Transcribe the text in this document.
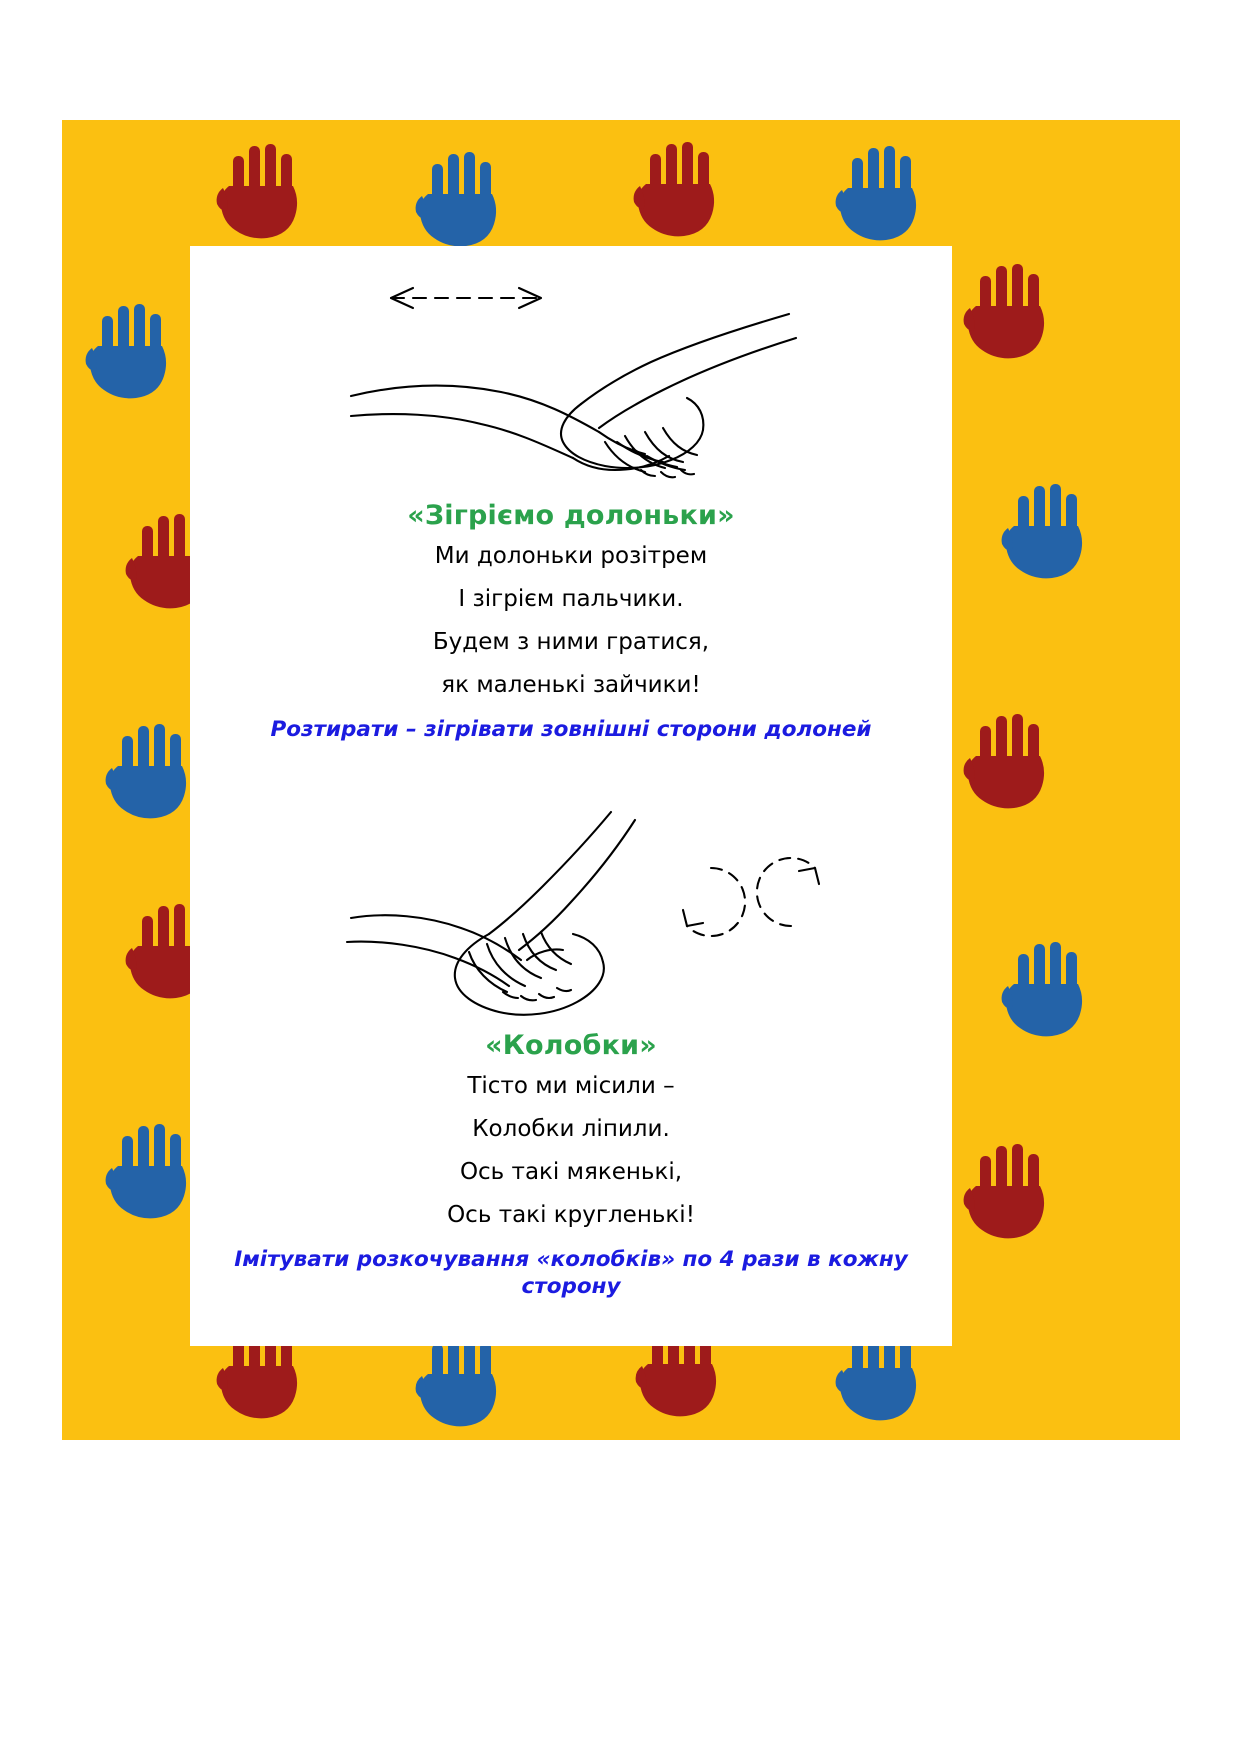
«Зігріємо долоньки»
Ми долоньки розітрем
І зігрієм пальчики.
Будем з ними гратися,
як маленькі зайчики!
Розтирати – зігрівати зовнішні сторони долоней
«Колобки»
Тісто ми місили –
Колобки ліпили.
Ось такі мякенькі,
Ось такі кругленькі!
Імітувати розкочування «колобків» по 4 рази в кожну сторону
